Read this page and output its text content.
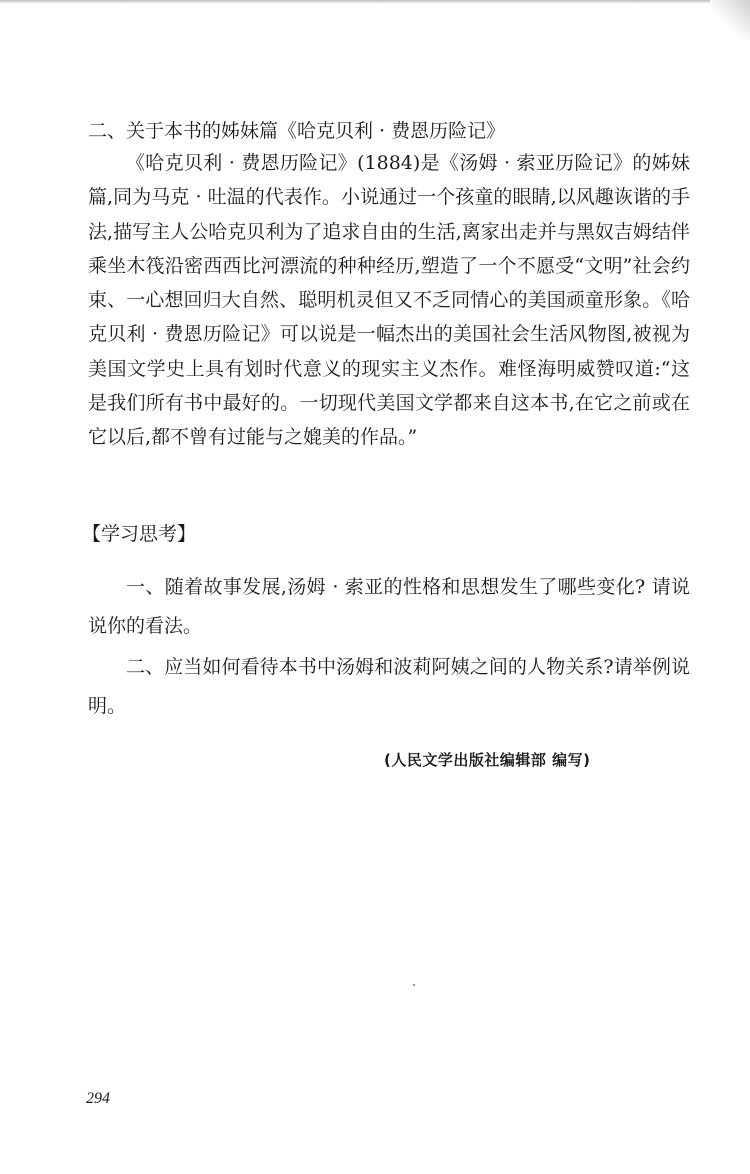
二、关于本书的姊妹篇《哈克贝利 · 费恩历险记》

《哈克贝利 · 费恩历险记》(1884)是《汤姆 · 索亚历险记》的姊妹篇,同为马克 · 吐温的代表作。小说通过一个孩童的眼睛,以风趣诙谐的手法,描写主人公哈克贝利为了追求自由的生活,离家出走并与黑奴吉姆结伴乘坐木筏沿密西西比河漂流的种种经历,塑造了一个不愿受“文明”社会约束、一心想回归大自然、聪明机灵但又不乏同情心的美国顽童形象。《哈克贝利 · 费恩历险记》可以说是一幅杰出的美国社会生活风物图,被视为美国文学史上具有划时代意义的现实主义杰作。难怪海明威赞叹道:“这是我们所有书中最好的。一切现代美国文学都来自这本书,在它之前或在它以后,都不曾有过能与之媲美的作品。”

【学习思考】

一、随着故事发展,汤姆 · 索亚的性格和思想发生了哪些变化? 请说说你的看法。

二、应当如何看待本书中汤姆和波莉阿姨之间的人物关系?请举例说明。

(人民文学出版社编辑部 编写)
294
